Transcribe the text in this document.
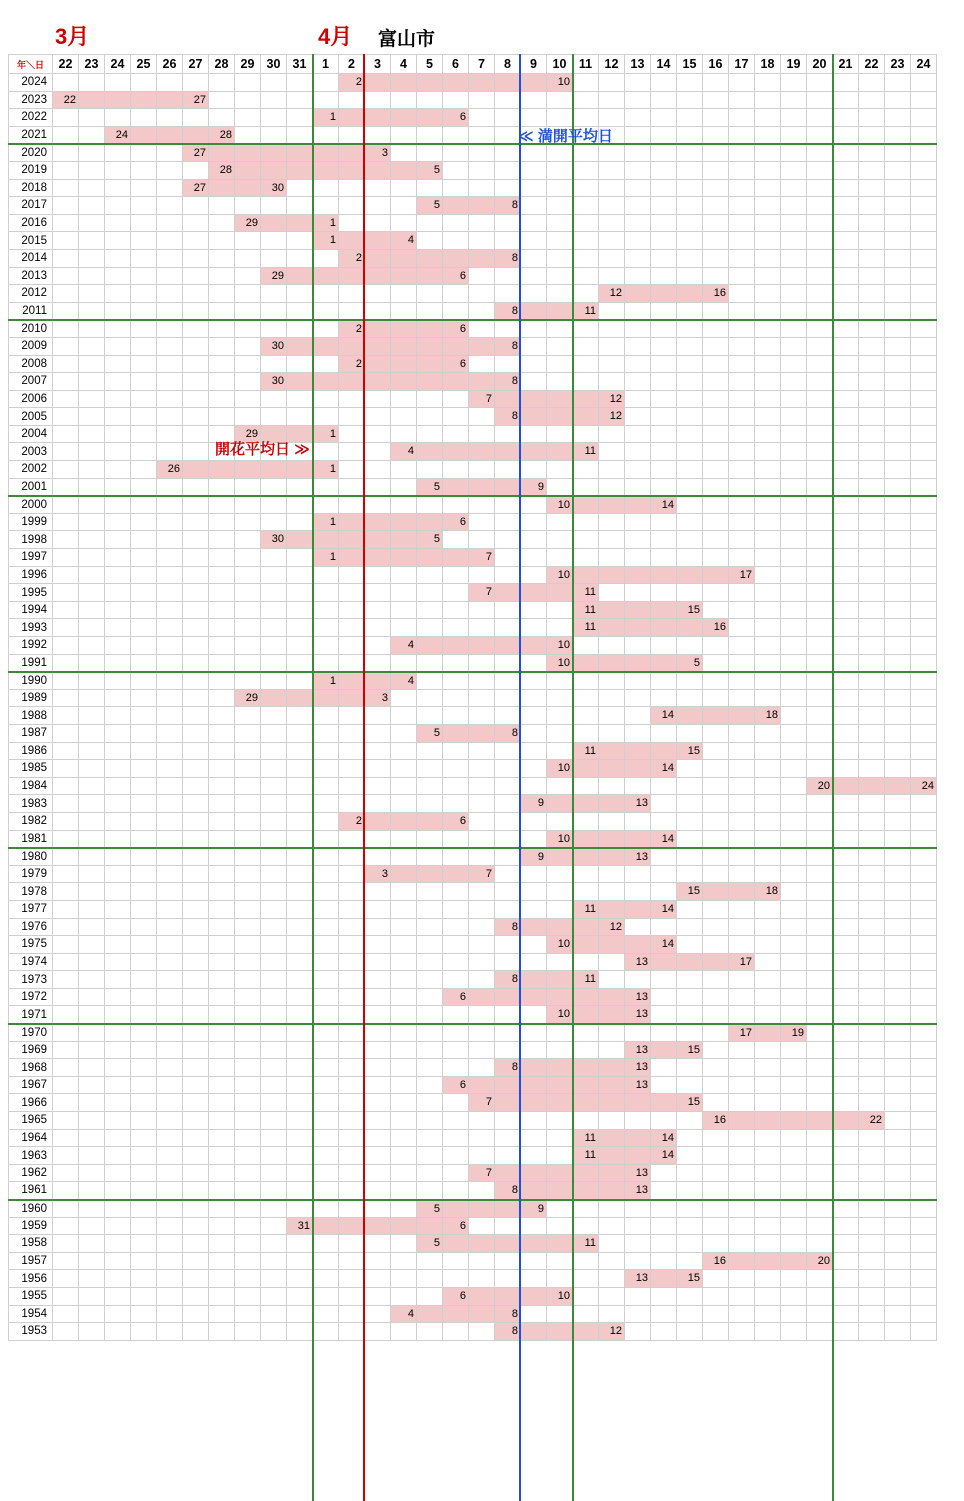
3月	4月 富山市
年＼日	22	23	24	25	26	27	28	29	30	31	1	2	3	4	5	6	7	8	9	10	11	12	13	14	15	16	17	18	19	20	21	22	23	24
2024												2								10														

2023	22					27																												

2022											1					6																		

2021			24				28																											

2020						27							3																					

2019							28								5																			

2018						27			30																									

2017															5			8																

2016								29			1																							

2015											1			4																				

2014												2						8																

2013									29							6																		

2012																						12				16								

2011																		8			11													

2010												2				6																		

2009									30									8																

2008												2				6																		

2007									30									8																

2006																	7					12												

2005																		8				12												

2004								29			1																							

2003														4							11													

2002					26						1																							

2001															5				9															

2000																				10				14										

1999											1					6																		

1998									30						5																			

1997											1						7																	

1996																				10							17							

1995																	7				11													

1994																					11				15									

1993																					11					16								

1992														4						10														

1991																				10					5									

1990											1			4																				

1989								29					3																					

1988																								14				18						

1987															5			8																

1986																					11				15									

1985																				10				14										

1984																														20				24

1983																			9				13											

1982												2				6																		

1981																				10				14										

1980																			9				13											

1979													3				7																	

1978																									15			18						

1977																					11			14										

1976																		8				12												

1975																				10				14										

1974																							13				17							

1973																		8			11													

1972																6							13											

1971																				10			13											

1970																											17		19					

1969																							13		15									

1968																		8					13											

1967																6							13											

1966																	7								15									

1965																										16						22		

1964																					11			14										

1963																					11			14										

1962																	7						13											

1961																		8					13											

1960															5				9															

1959										31						6																		

1958															5						11													

1957																										16				20				

1956																							13		15									

1955																6				10														

1954														4				8																

1953																		8				12												

≪ 満開平均日
開花平均日 ≫
